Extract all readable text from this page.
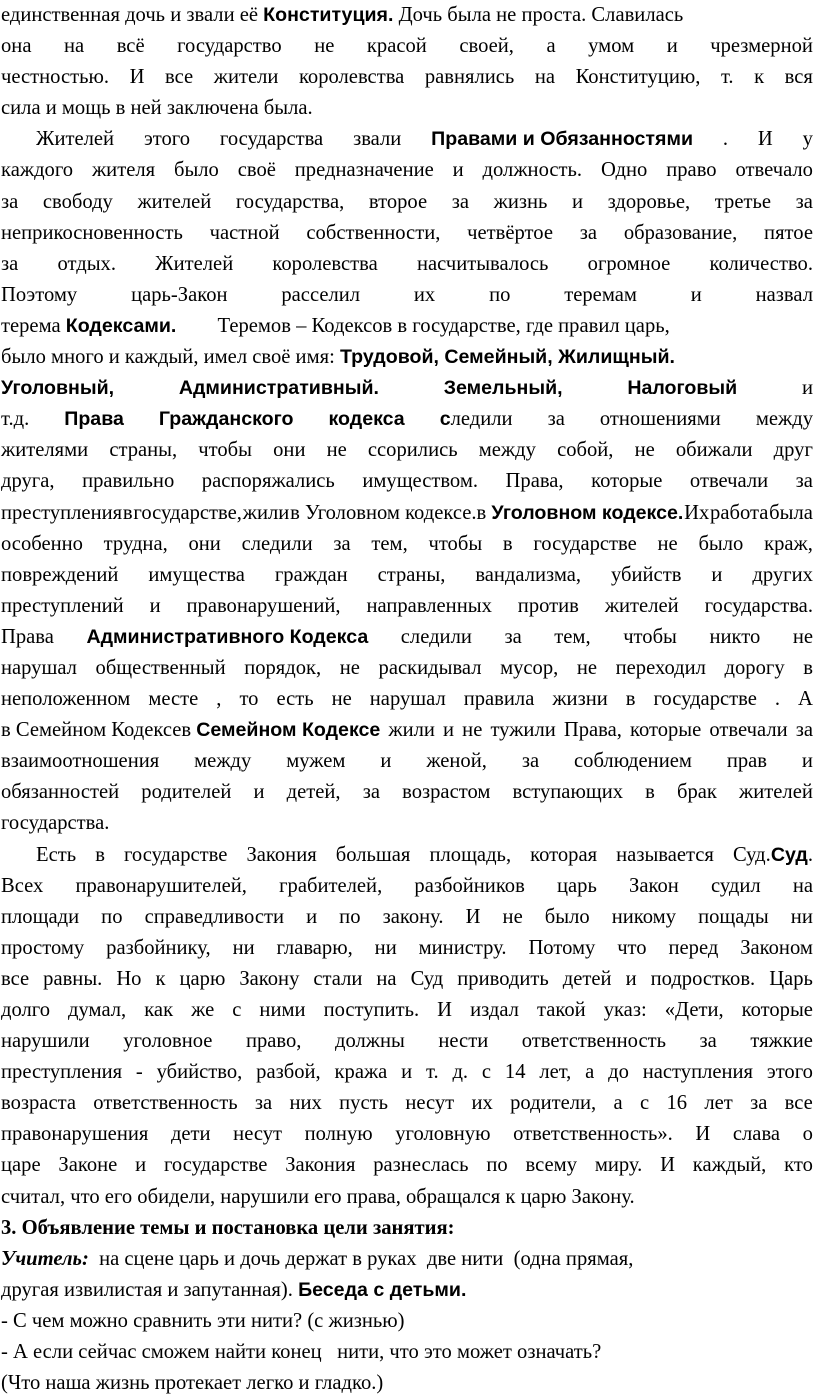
единственная дочь и звали её Конституция. Дочь была не проста. Славилась
она на всё государство не красой своей, а умом и чрезмерной
честностью. И все жители королевства равнялись на Конституцию, т. к вся
сила и мощь в ней заключена была.
Жителей этого государства звали Правами и Обязанностями . И у
каждого жителя было своё предназначение и должность. Одно право отвечало
за свободу жителей государства, второе за жизнь и здоровье, третье за
неприкосновенность частной собственности, четвёртое за образование, пятое
за отдых. Жителей королевства насчитывалось огромное количество.
Поэтому	царь-Закон	расселил	их	по	теремам	и	назвал
терема Кодексами.        Теремов – Кодексов в государстве, где правил царь,
было много и каждый, имел своё имя: Трудовой, Семейный, Жилищный.
Уголовный,	Административный.	Земельный,	Налоговый	и
т.д. Права Гражданского кодекса следили за отношениями между
жителями страны, чтобы они не ссорились между собой, не обижали друг
друга, правильно распоряжались имуществом. Права, которые отвечали за
преступления в государстве, жили в Уголовном кодексе.в Уголовном кодексе. Их работа была
особенно трудна, они следили за тем, чтобы в государстве не было краж,
повреждений имущества граждан страны, вандализма, убийств и других
преступлений и правонарушений, направленных против жителей государства.
Права Административного Кодекса следили за тем, чтобы никто не
нарушал общественный порядок, не раскидывал мусор, не переходил дорогу в
неположенном месте , то есть не нарушал правила жизни в государстве . А
в Семейном Кодексев Семейном Кодексе жили и не тужили Права, которые отвечали за
взаимоотношения между мужем и женой, за соблюдением прав и
обязанностей родителей и детей, за возрастом вступающих в брак жителей
государства.
Есть в государстве Закония большая площадь, которая называется Суд.Суд.
Всех правонарушителей, грабителей, разбойников царь Закон судил на
площади по справедливости и по закону. И не было никому пощады ни
простому разбойнику, ни главарю, ни министру. Потому что перед Законом
все равны. Но к царю Закону стали на Суд приводить детей и подростков. Царь
долго думал, как же с ними поступить. И издал такой указ: «Дети, которые
нарушили уголовное право, должны нести ответственность за тяжкие
преступления - убийство, разбой, кража и т. д. с 14 лет, а до наступления этого
возраста ответственность за них пусть несут их родители, а с 16 лет за все
правонарушения дети несут полную уголовную ответственность». И слава о
царе Законе и государстве Закония разнеслась по всему миру. И каждый, кто
считал, что его обидели, нарушили его права, обращался к царю Закону.
3. Объявление темы и постановка цели занятия:
Учитель:  на сцене царь и дочь держат в руках  две нити  (одна прямая,
другая извилистая и запутанная). Беседа с детьми.
- С чем можно сравнить эти нити? (с жизнью)
- А если сейчас сможем найти конец   нити, что это может означать?
(Что наша жизнь протекает легко и гладко.)
